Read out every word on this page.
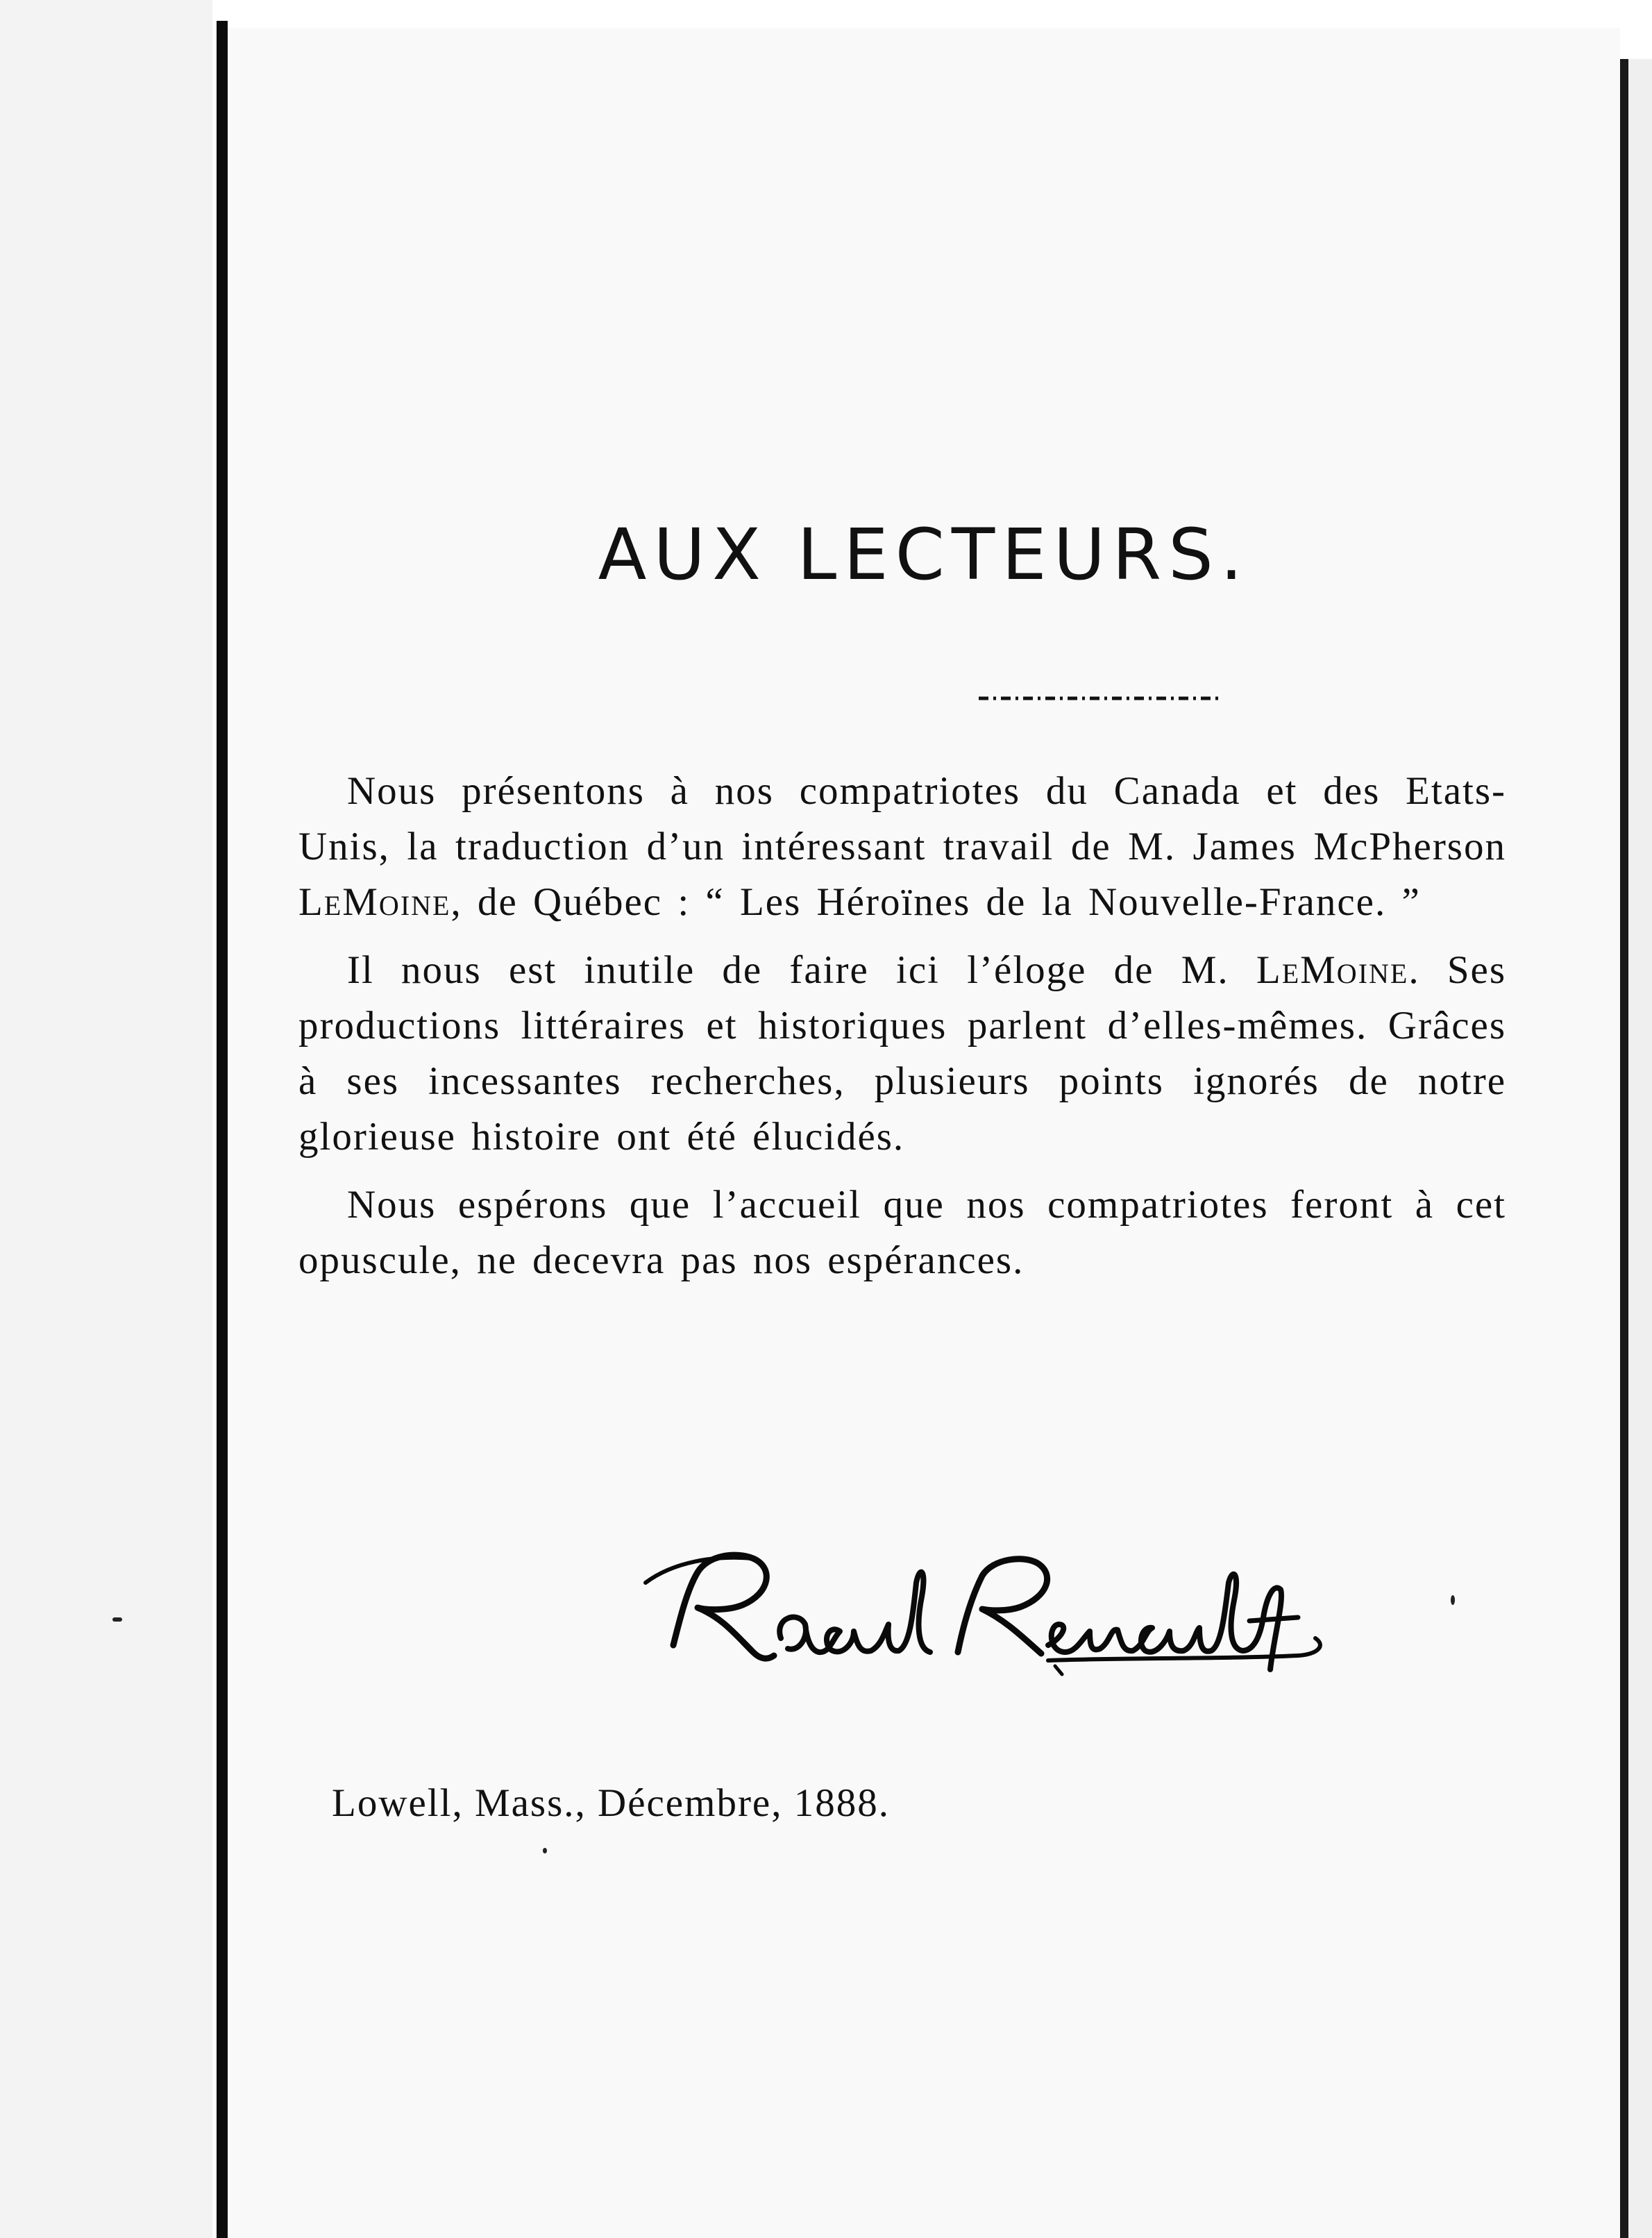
AUX LECTEURS.

Nous présentons à nos compatriotes du Canada et des Etats-Unis, la traduction d’un intéressant travail de M. James McPherson LeMoine, de Québec : “ Les Héroïnes de la Nouvelle-France. ”

Il nous est inutile de faire ici l’éloge de M. LeMoine. Ses productions littéraires et historiques parlent d’elles-mêmes. Grâces à ses incessantes recherches, plusieurs points ignorés de notre glorieuse histoire ont été élucidés.

Nous espérons que l’accueil que nos compatriotes feront à cet opuscule, ne decevra pas nos espérances.

Lowell, Mass., Décembre, 1888.
